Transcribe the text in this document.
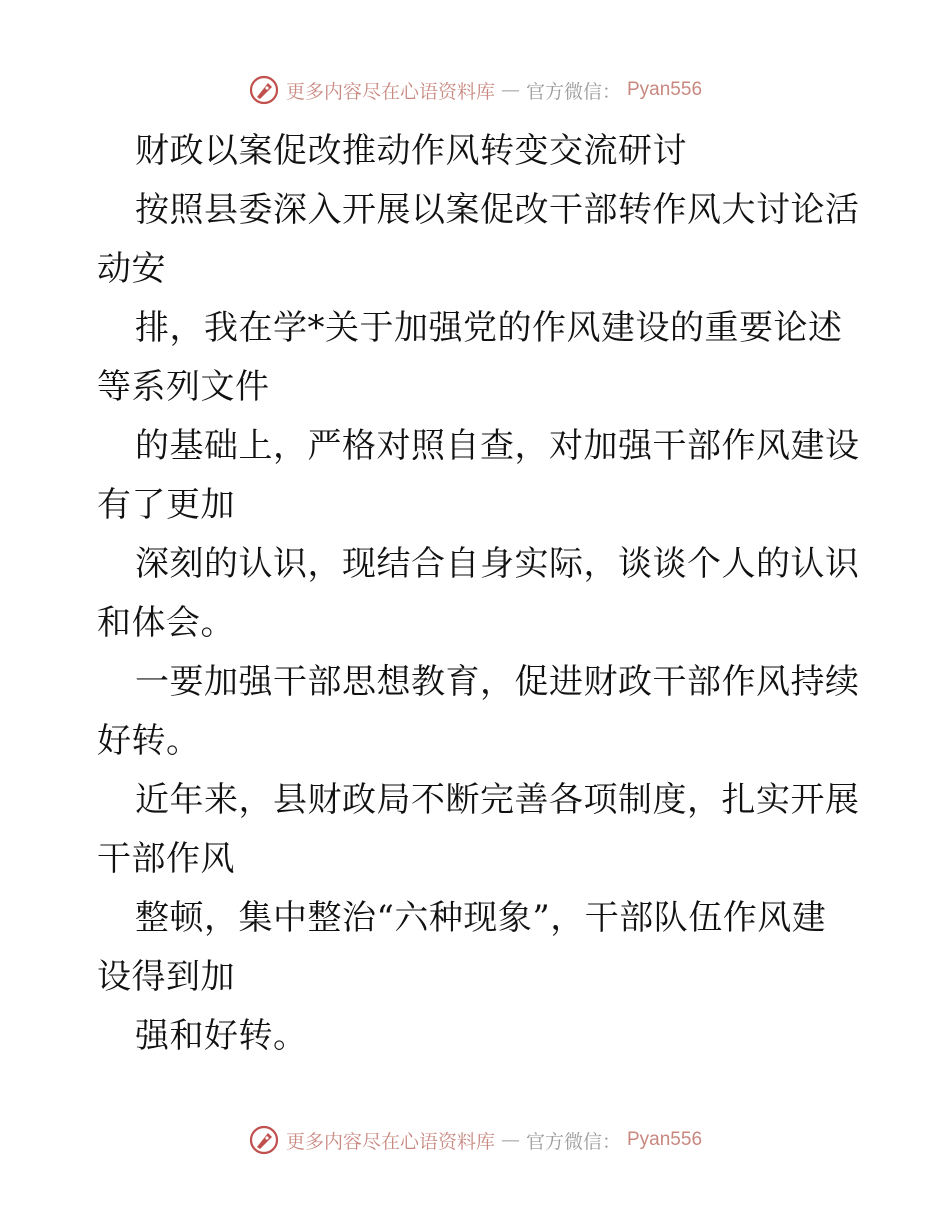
更多内容尽在心语资料库 — 官方微信： Pyan556
财政以案促改推动作风转变交流研讨
按照县委深入开展以案促改干部转作风大讨论活
动安
排，我在学*关于加强党的作风建设的重要论述
等系列文件
的基础上，严格对照自查，对加强干部作风建设
有了更加
深刻的认识，现结合自身实际，谈谈个人的认识
和体会。
一要加强干部思想教育，促进财政干部作风持续
好转。
近年来，县财政局不断完善各项制度，扎实开展
干部作风
整顿，集中整治“六种现象”，干部队伍作风建
设得到加
强和好转。
更多内容尽在心语资料库 — 官方微信： Pyan556
